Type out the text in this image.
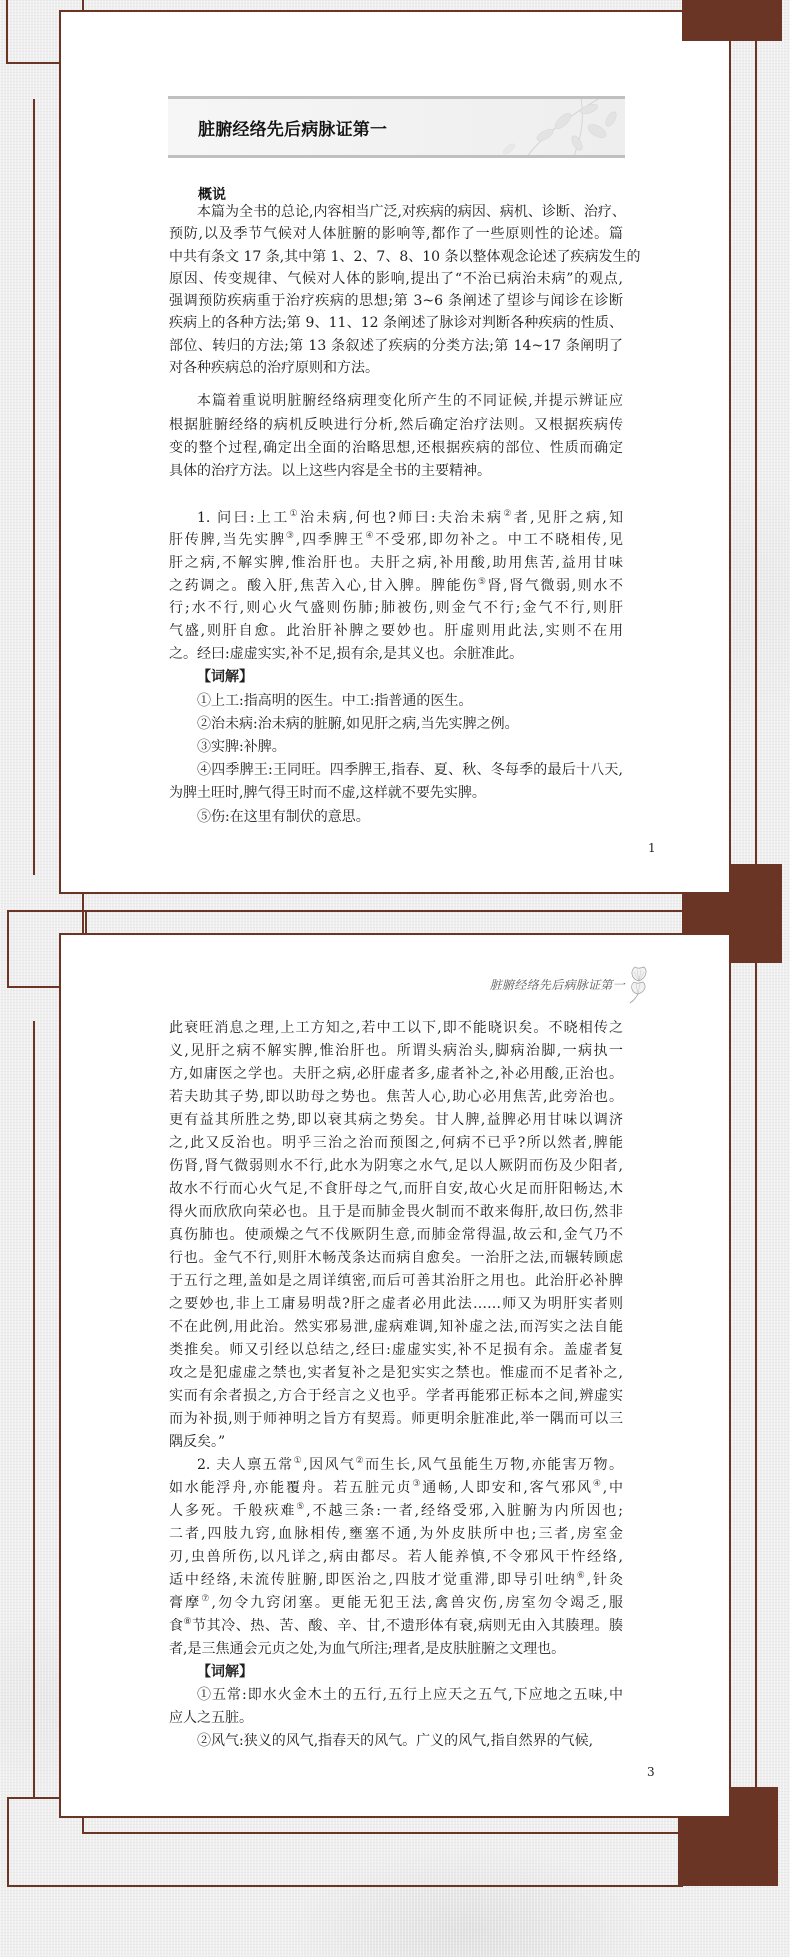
脏腑经络先后病脉证第一
概说
本篇为全书的总论,内容相当广泛,对疾病的病因、病机、诊断、治疗、
预防,以及季节气候对人体脏腑的影响等,都作了一些原则性的论述。篇
中共有条文 17 条,其中第 1、2、7、8、10 条以整体观念论述了疾病发生的
原因、传变规律、气候对人体的影响,提出了“不治已病治未病”的观点,
强调预防疾病重于治疗疾病的思想;第 3~6 条阐述了望诊与闻诊在诊断
疾病上的各种方法;第 9、11、12 条阐述了脉诊对判断各种疾病的性质、
部位、转归的方法;第 13 条叙述了疾病的分类方法;第 14~17 条阐明了
对各种疾病总的治疗原则和方法。
本篇着重说明脏腑经络病理变化所产生的不同证候,并提示辨证应
根据脏腑经络的病机反映进行分析,然后确定治疗法则。又根据疾病传
变的整个过程,确定出全面的治略思想,还根据疾病的部位、性质而确定
具体的治疗方法。以上这些内容是全书的主要精神。
1. 问曰:上工①治未病,何也?师曰:夫治未病②者,见肝之病,知
肝传脾,当先实脾③,四季脾王④不受邪,即勿补之。中工不晓相传,见
肝之病,不解实脾,惟治肝也。夫肝之病,补用酸,助用焦苦,益用甘味
之药调之。酸入肝,焦苦入心,甘入脾。脾能伤⑤肾,肾气微弱,则水不
行;水不行,则心火气盛则伤肺;肺被伤,则金气不行;金气不行,则肝
气盛,则肝自愈。此治肝补脾之要妙也。肝虚则用此法,实则不在用
之。经曰:虚虚实实,补不足,损有余,是其义也。余脏准此。
【词解】
①上工:指高明的医生。中工:指普通的医生。
②治未病:治未病的脏腑,如见肝之病,当先实脾之例。
③实脾:补脾。
④四季脾王:王同旺。四季脾王,指春、夏、秋、冬每季的最后十八天,
为脾土旺时,脾气得王时而不虚,这样就不要先实脾。
⑤伤:在这里有制伏的意思。
1
脏腑经络先后病脉证第一
此衰旺消息之理,上工方知之,若中工以下,即不能晓识矣。不晓相传之
义,见肝之病不解实脾,惟治肝也。所谓头病治头,脚病治脚,一病执一
方,如庸医之学也。夫肝之病,必肝虚者多,虚者补之,补必用酸,正治也。
若夫助其子势,即以助母之势也。焦苦人心,助心必用焦苦,此旁治也。
更有益其所胜之势,即以衰其病之势矣。甘人脾,益脾必用甘味以调济
之,此又反治也。明乎三治之治而预图之,何病不已乎?所以然者,脾能
伤肾,肾气微弱则水不行,此水为阴寒之水气,足以人厥阴而伤及少阳者,
故水不行而心火气足,不食肝母之气,而肝自安,故心火足而肝阳畅达,木
得火而欣欣向荣必也。且于是而肺金畏火制而不敢来侮肝,故曰伤,然非
真伤肺也。使顽燥之气不伐厥阴生意,而肺金常得温,故云和,金气乃不
行也。金气不行,则肝木畅茂条达而病自愈矣。一治肝之法,而辗转顾虑
于五行之理,盖如是之周详缜密,而后可善其治肝之用也。此治肝必补脾
之要妙也,非上工庸易明哉?肝之虚者必用此法……师又为明肝实者则
不在此例,用此治。然实邪易泄,虚病难调,知补虚之法,而泻实之法自能
类推矣。师又引经以总结之,经曰:虚虚实实,补不足损有余。盖虚者复
攻之是犯虚虚之禁也,实者复补之是犯实实之禁也。惟虚而不足者补之,
实而有余者损之,方合于经言之义也乎。学者再能邪正标本之间,辨虚实
而为补损,则于师神明之旨方有契焉。师更明余脏准此,举一隅而可以三
隅反矣。”
2. 夫人禀五常①,因风气②而生长,风气虽能生万物,亦能害万物。
如水能浮舟,亦能覆舟。若五脏元贞③通畅,人即安和,客气邪风④,中
人多死。千般疢难⑤,不越三条:一者,经络受邪,入脏腑为内所因也;
二者,四肢九窍,血脉相传,壅塞不通,为外皮肤所中也;三者,房室金
刃,虫兽所伤,以凡详之,病由都尽。若人能养慎,不令邪风干忤经络,
适中经络,未流传脏腑,即医治之,四肢才觉重滞,即导引吐纳⑥,针灸
膏摩⑦,勿令九窍闭塞。更能无犯王法,禽兽灾伤,房室勿令竭乏,服
食⑧节其冷、热、苦、酸、辛、甘,不遗形体有衰,病则无由入其腠理。腠
者,是三焦通会元贞之处,为血气所注;理者,是皮肤脏腑之文理也。
【词解】
①五常:即水火金木土的五行,五行上应天之五气,下应地之五味,中
应人之五脏。
②风气:狭义的风气,指春天的风气。广义的风气,指自然界的气候,
3
